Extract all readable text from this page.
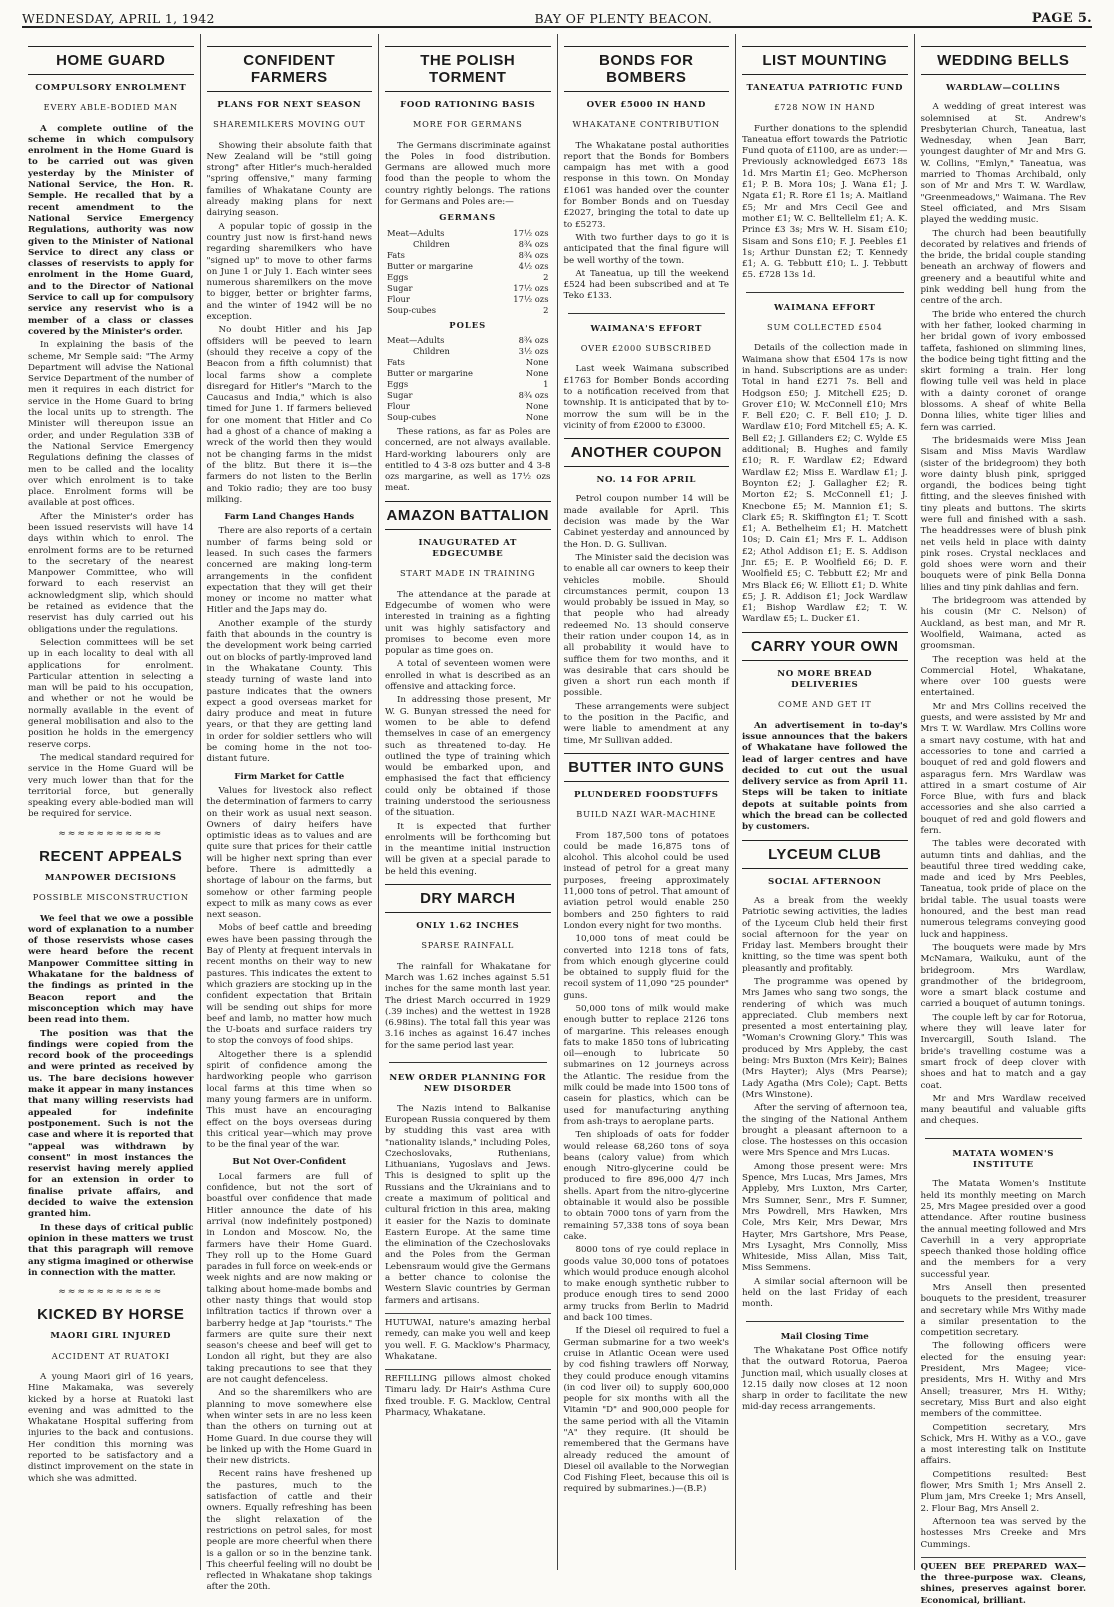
WEDNESDAY, APRIL 1, 1942	BAY OF PLENTY BEACON.	PAGE 5.
HOME GUARD
COMPULSORY ENROLMENT
EVERY ABLE-BODIED MAN

A complete outline of the scheme in which compulsory enrolment in the Home Guard is to be carried out was given yesterday by the Minister of National Service, the Hon. R. Semple. He recalled that by a recent amendment to the National Service Emergency Regulations, authority was now given to the Minister of National Service to direct any class or classes of reservists to apply for enrolment in the Home Guard, and to the Director of National Service to call up for compulsory service any reservist who is a member of a class or classes covered by the Minister's order.

In explaining the basis of the scheme, Mr Semple said: "The Army Department will advise the National Service Department of the number of men it requires in each district for service in the Home Guard to bring the local units up to strength. The Minister will thereupon issue an order, and under Regulation 33B of the National Service Emergency Regulations defining the classes of men to be called and the locality over which enrolment is to take place. Enrolment forms will be available at post offices.

After the Minister's order has been issued reservists will have 14 days within which to enrol. The enrolment forms are to be returned to the secretary of the nearest Manpower Committee, who will forward to each reservist an acknowledgment slip, which should be retained as evidence that the reservist has duly carried out his obligations under the regulations.

Selection committees will be set up in each locality to deal with all applications for enrolment. Particular attention in selecting a man will be paid to his occupation, and whether or not he would be normally available in the event of general mobilisation and also to the position he holds in the emergency reserve corps.

The medical standard required for service in the Home Guard will be very much lower than that for the territorial force, but generally speaking every able-bodied man will be required for service.

≈≈≈≈≈≈≈≈≈≈≈
RECENT APPEALS
MANPOWER DECISIONS
POSSIBLE MISCONSTRUCTION

We feel that we owe a possible word of explanation to a number of those reservists whose cases were heard before the recent Manpower Committee sitting in Whakatane for the baldness of the findings as printed in the Beacon report and the misconception which may have been read into them.

The position was that the findings were copied from the record book of the proceedings and were printed as received by us. The bare decisions however make it appear in many instances that many willing reservists had appealed for indefinite postponement. Such is not the case and where it is reported that "appeal was withdrawn by consent" in most instances the reservist having merely applied for an extension in order to finalise private affairs, and decided to waive the extension granted him.

In these days of critical public opinion in these matters we trust that this paragraph will remove any stigma imagined or otherwise in connection with the matter.

≈≈≈≈≈≈≈≈≈≈≈
KICKED BY HORSE
MAORI GIRL INJURED
ACCIDENT AT RUATOKI

A young Maori girl of 16 years, Hine Makamaka, was severely kicked by a horse at Ruatoki last evening and was admitted to the Whakatane Hospital suffering from injuries to the back and contusions. Her condition this morning was reported to be satisfactory and a distinct improvement on the state in which she was admitted.

CONFIDENT FARMERS
PLANS FOR NEXT SEASON
SHAREMILKERS MOVING OUT

Showing their absolute faith that New Zealand will be "still going strong" after Hitler's much-heralded "spring offensive," many farming families of Whakatane County are already making plans for next dairying season.

A popular topic of gossip in the country just now is first-hand news regarding sharemilkers who have "signed up" to move to other farms on June 1 or July 1. Each winter sees numerous sharemilkers on the move to bigger, better or brighter farms, and the winter of 1942 will be no exception.

No doubt Hitler and his Jap offsiders will be peeved to learn (should they receive a copy of the Beacon from a fifth columnist) that local farms show a complete disregard for Hitler's "March to the Caucasus and India," which is also timed for June 1. If farmers believed for one moment that Hitler and Co had a ghost of a chance of making a wreck of the world then they would not be changing farms in the midst of the blitz. But there it is—the farmers do not listen to the Berlin and Tokio radio; they are too busy milking.

Farm Land Changes Hands

There are also reports of a certain number of farms being sold or leased. In such cases the farmers concerned are making long-term arrangements in the confident expectation that they will get their money or income no matter what Hitler and the Japs may do.

Another example of the sturdy faith that abounds in the country is the development work being carried out on blocks of partly-improved land in the Whakatane County. This steady turning of waste land into pasture indicates that the owners expect a good overseas market for dairy produce and meat in future years, or that they are getting land in order for soldier settlers who will be coming home in the not too-distant future.

Firm Market for Cattle

Values for livestock also reflect the determination of farmers to carry on their work as usual next season. Owners of dairy heifers have optimistic ideas as to values and are quite sure that prices for their cattle will be higher next spring than ever before. There is admittedly a shortage of labour on the farms, but somehow or other farming people expect to milk as many cows as ever next season.

Mobs of beef cattle and breeding ewes have been passing through the Bay of Plenty at frequent intervals in recent months on their way to new pastures. This indicates the extent to which graziers are stocking up in the confident expectation that Britain will be sending out ships for more beef and lamb, no matter how much the U-boats and surface raiders try to stop the convoys of food ships.

Altogether there is a splendid spirit of confidence among the hardworking people who garrison local farms at this time when so many young farmers are in uniform. This must have an encouraging effect on the boys overseas during this critical year—which may prove to be the final year of the war.

But Not Over-Confident

Local farmers are full of confidence, but not the sort of boastful over confidence that made Hitler announce the date of his arrival (now indefinitely postponed) in London and Moscow. No, the farmers have their Home Guard. They roll up to the Home Guard parades in full force on week-ends or week nights and are now making or talking about home-made bombs and other nasty things that would stop infiltration tactics if thrown over a barberry hedge at Jap "tourists." The farmers are quite sure their next season's cheese and beef will get to London all right, but they are also taking precautions to see that they are not caught defenceless.

And so the sharemilkers who are planning to move somewhere else when winter sets in are no less keen than the others on turning out at Home Guard. In due course they will be linked up with the Home Guard in their new districts.

Recent rains have freshened up the pastures, much to the satisfaction of cattle and their owners. Equally refreshing has been the slight relaxation of the restrictions on petrol sales, for most people are more cheerful when there is a gallon or so in the benzine tank. This cheerful feeling will no doubt be reflected in Whakatane shop takings after the 20th.

THE POLISH TORMENT
FOOD RATIONING BASIS
MORE FOR GERMANS

The Germans discriminate against the Poles in food distribution. Germans are allowed much more food than the people to whom the country rightly belongs. The rations for Germans and Poles are:—

GERMANS
Meat—Adults	17½ ozs
Children	8¾ ozs
Fats	8¾ ozs
Butter or margarine	4½ ozs
Eggs	2
Sugar	17½ ozs
Flour	17½ ozs
Soup-cubes	2
POLES
Meat—Adults	8¾ ozs
Children	3½ ozs
Fats	None
Butter or margarine	None
Eggs	1
Sugar	8¾ ozs
Flour	None
Soup-cubes	None

These rations, as far as Poles are concerned, are not always available. Hard-working labourers only are entitled to 4 3-8 ozs butter and 4 3-8 ozs margarine, as well as 17½ ozs meat.

AMAZON BATTALION
INAUGURATED AT EDGECUMBE
START MADE IN TRAINING

The attendance at the parade at Edgecumbe of women who were interested in training as a fighting unit was highly satisfactory and promises to become even more popular as time goes on.

A total of seventeen women were enrolled in what is described as an offensive and attacking force.

In addressing those present, Mr W. G. Bunyan stressed the need for women to be able to defend themselves in case of an emergency such as threatened to-day. He outlined the type of training which would be embarked upon, and emphasised the fact that efficiency could only be obtained if those training understood the seriousness of the situation.

It is expected that further enrolments will be forthcoming but in the meantime initial instruction will be given at a special parade to be held this evening.

DRY MARCH
ONLY 1.62 INCHES
SPARSE RAINFALL

The rainfall for Whakatane for March was 1.62 inches against 5.51 inches for the same month last year. The driest March occurred in 1929 (.39 inches) and the wettest in 1928 (6.98ins). The total fall this year was 3.16 inches as against 16.47 inches for the same period last year.

NEW ORDER PLANNING FOR NEW DISORDER

The Nazis intend to Balkanise European Russia conquered by them by studding this vast area with "nationality islands," including Poles, Czechoslovaks, Ruthenians, Lithuanians, Yugoslavs and Jews. This is designed to split up the Russians and the Ukrainians and to create a maximum of political and cultural friction in this area, making it easier for the Nazis to dominate Eastern Europe. At the same time the elimination of the Czechoslovaks and the Poles from the German Lebensraum would give the Germans a better chance to colonise the Western Slavic countries by German farmers and artisans.

HUTUWAI, nature's amazing herbal remedy, can make you well and keep you well. F. G. Macklow's Pharmacy, Whakatane.

REFILLING pillows almost choked Timaru lady. Dr Hair's Asthma Cure fixed trouble. F. G. Macklow, Central Pharmacy, Whakatane.

BONDS FOR BOMBERS
OVER £5000 IN HAND
WHAKATANE CONTRIBUTION

The Whakatane postal authorities report that the Bonds for Bombers campaign has met with a good response in this town. On Monday £1061 was handed over the counter for Bomber Bonds and on Tuesday £2027, bringing the total to date up to £5273.

With two further days to go it is anticipated that the final figure will be well worthy of the town.

At Taneatua, up till the weekend £524 had been subscribed and at Te Teko £133.

WAIMANA'S EFFORT
OVER £2000 SUBSCRIBED

Last week Waimana subscribed £1763 for Bomber Bonds according to a notification received from that township. It is anticipated that by to-morrow the sum will be in the vicinity of from £2000 to £3000.

ANOTHER COUPON
NO. 14 FOR APRIL

Petrol coupon number 14 will be made available for April. This decision was made by the War Cabinet yesterday and announced by the Hon. D. G. Sullivan.

The Minister said the decision was to enable all car owners to keep their vehicles mobile. Should circumstances permit, coupon 13 would probably be issued in May, so that people who had already redeemed No. 13 should conserve their ration under coupon 14, as in all probability it would have to suffice them for two months, and it was desirable that cars should be given a short run each month if possible.

These arrangements were subject to the position in the Pacific, and were liable to amendment at any time, Mr Sullivan added.

BUTTER INTO GUNS
PLUNDERED FOODSTUFFS
BUILD NAZI WAR-MACHINE

From 187,500 tons of potatoes could be made 16,875 tons of alcohol. This alcohol could be used instead of petrol for a great many purposes, freeing approximately 11,000 tons of petrol. That amount of aviation petrol would enable 250 bombers and 250 fighters to raid London every night for two months.

10,000 tons of meat could be converted into 1218 tons of fats, from which enough glycerine could be obtained to supply fluid for the recoil system of 11,090 "25 pounder" guns.

50,000 tons of milk would make enough butter to replace 2126 tons of margarine. This releases enough fats to make 1850 tons of lubricating oil—enough to lubricate 50 submarines on 12 journeys across the Atlantic. The residue from the milk could be made into 1500 tons of casein for plastics, which can be used for manufacturing anything from ash-trays to aeroplane parts.

Ten shiploads of oats for fodder would release 68,260 tons of soya beans (calory value) from which enough Nitro-glycerine could be produced to fire 896,000 4/7 inch shells. Apart from the nitro-glycerine obtainable it would also be possible to obtain 7000 tons of yarn from the remaining 57,338 tons of soya bean cake.

8000 tons of rye could replace in goods value 30,000 tons of potatoes which would produce enough alcohol to make enough synthetic rubber to produce enough tires to send 2000 army trucks from Berlin to Madrid and back 100 times.

If the Diesel oil required to fuel a German submarine for a two week's cruise in Atlantic Ocean were used by cod fishing trawlers off Norway, they could produce enough vitamins (in cod liver oil) to supply 600,000 people for six months with all the Vitamin "D" and 900,000 people for the same period with all the Vitamin "A" they require. (It should be remembered that the Germans have already reduced the amount of Diesel oil available to the Norwegian Cod Fishing Fleet, because this oil is required by submarines.)—(B.P.)

LIST MOUNTING
TANEATUA PATRIOTIC FUND
£728 NOW IN HAND

Further donations to the splendid Taneatua effort towards the Patriotic Fund quota of £1100, are as under:—Previously acknowledged £673 18s 1d. Mrs Martin £1; Geo. McPherson £1; P. B. Mora 10s; J. Wana £1; J. Ngata £1; R. Rore £1 1s; A. Maitland £5; Mr and Mrs Cecil Gee and mother £1; W. C. Belltellelm £1; A. K. Prince £3 3s; Mrs W. H. Sisam £10; Sisam and Sons £10; F. J. Peebles £1 1s; Arthur Dunstan £2; T. Kennedy £1; A. G. Tebbutt £10; L. J. Tebbutt £5. £728 13s 1d.

WAIMANA EFFORT
SUM COLLECTED £504

Details of the collection made in Waimana show that £504 17s is now in hand. Subscriptions are as under: Total in hand £271 7s. Bell and Hodgson £50; J. Mitchell £25; D. Grover £10; W. McConnell £10; Mrs F. Bell £20; C. F. Bell £10; J. D. Wardlaw £10; Ford Mitchell £5; A. K. Bell £2; J. Gillanders £2; C. Wylde £5 additional; B. Hughes and family £10; R. F. Wardlaw £2; Edward Wardlaw £2; Miss E. Wardlaw £1; J. Boynton £2; J. Gallagher £2; R. Morton £2; S. McConnell £1; J. Knecbone £5; M. Mannion £1; S. Clark £5; R. Skiffington £1; T. Scott £1; A. Bethelheim £1; H. Matchett 10s; D. Cain £1; Mrs F. L. Addison £2; Athol Addison £1; E. S. Addison Jnr. £5; E. P. Woolfield £6; D. F. Woolfield £5; C. Tebbutt £2; Mr and Mrs Black £6; W. Elliott £1; D. White £5; J. R. Addison £1; Jock Wardlaw £1; Bishop Wardlaw £2; T. W. Wardlaw £5; L. Ducker £1.

CARRY YOUR OWN
NO MORE BREAD DELIVERIES
COME AND GET IT

An advertisement in to-day's issue announces that the bakers of Whakatane have followed the lead of larger centres and have decided to cut out the usual delivery service as from April 11. Steps will be taken to initiate depots at suitable points from which the bread can be collected by customers.

LYCEUM CLUB
SOCIAL AFTERNOON

As a break from the weekly Patriotic sewing activities, the ladies of the Lyceum Club held their first social afternoon for the year on Friday last. Members brought their knitting, so the time was spent both pleasantly and profitably.

The programme was opened by Mrs James who sang two songs, the rendering of which was much appreciated. Club members next presented a most entertaining play, "Woman's Crowning Glory." This was produced by Mrs Appleby, the cast being: Mrs Buxton (Mrs Keir); Baines (Mrs Hayter); Alys (Mrs Pearse); Lady Agatha (Mrs Cole); Capt. Betts (Mrs Winstone).

After the serving of afternoon tea, the singing of the National Anthem brought a pleasant afternoon to a close. The hostesses on this occasion were Mrs Spence and Mrs Lucas.

Among those present were: Mrs Spence, Mrs Lucas, Mrs James, Mrs Appleby, Mrs Luxton, Mrs Carter, Mrs Sumner, Senr., Mrs F. Sumner, Mrs Powdrell, Mrs Hawken, Mrs Cole, Mrs Keir, Mrs Dewar, Mrs Hayter, Mrs Gartshore, Mrs Pease, Mrs Lysaght, Mrs Connolly, Miss Whiteside, Miss Allan, Miss Tait, Miss Semmens.

A similar social afternoon will be held on the last Friday of each month.

Mail Closing Time

The Whakatane Post Office notify that the outward Rotorua, Paeroa Junction mail, which usually closes at 12.15 daily now closes at 12 noon sharp in order to facilitate the new mid-day recess arrangements.

WEDDING BELLS
WARDLAW—COLLINS

A wedding of great interest was solemnised at St. Andrew's Presbyterian Church, Taneatua, last Wednesday, when Jean Barr, youngest daughter of Mr and Mrs G. W. Collins, "Emlyn," Taneatua, was married to Thomas Archibald, only son of Mr and Mrs T. W. Wardlaw, "Greenmeadows," Waimana. The Rev Steel officiated, and Mrs Sisam played the wedding music.

The church had been beautifully decorated by relatives and friends of the bride, the bridal couple standing beneath an archway of flowers and greenery and a beautiful white and pink wedding bell hung from the centre of the arch.

The bride who entered the church with her father, looked charming in her bridal gown of ivory embossed taffeta, fashioned on slimming lines, the bodice being tight fitting and the skirt forming a train. Her long flowing tulle veil was held in place with a dainty coronet of orange blossoms. A sheaf of white Bella Donna lilies, white tiger lilies and fern was carried.

The bridesmaids were Miss Jean Sisam and Miss Mavis Wardlaw (sister of the bridegroom) they both wore dainty blush pink, sprigged organdi, the bodices being tight fitting, and the sleeves finished with tiny pleats and buttons. The skirts were full and finished with a sash. The headdresses were of blush pink net veils held in place with dainty pink roses. Crystal necklaces and gold shoes were worn and their bouquets were of pink Bella Donna lilies and tiny pink dahlias and fern.

The bridegroom was attended by his cousin (Mr C. Nelson) of Auckland, as best man, and Mr R. Woolfield, Waimana, acted as groomsman.

The reception was held at the Commercial Hotel, Whakatane, where over 100 guests were entertained.

Mr and Mrs Collins received the guests, and were assisted by Mr and Mrs T. W. Wardlaw. Mrs Collins wore a smart navy costume, with hat and accessories to tone and carried a bouquet of red and gold flowers and asparagus fern. Mrs Wardlaw was attired in a smart costume of Air Force Blue, with furs and black accessories and she also carried a bouquet of red and gold flowers and fern.

The tables were decorated with autumn tints and dahlias, and the beautiful three tired wedding cake, made and iced by Mrs Peebles, Taneatua, took pride of place on the bridal table. The usual toasts were honoured, and the best man read numerous telegrams conveying good luck and happiness.

The bouquets were made by Mrs McNamara, Waikuku, aunt of the bridegroom. Mrs Wardlaw, grandmother of the bridegroom, wore a smart black costume and carried a bouquet of autumn tonings.

The couple left by car for Rotorua, where they will leave later for Invercargill, South Island. The bride's travelling costume was a smart frock of deep clover with shoes and hat to match and a gay coat.

Mr and Mrs Wardlaw received many beautiful and valuable gifts and cheques.

MATATA WOMEN'S INSTITUTE

The Matata Women's Institute held its monthly meeting on March 25, Mrs Magee presided over a good attendance. After routine business the annual meeting followed and Mrs Caverhill in a very appropriate speech thanked those holding office and the members for a very successful year.

Mrs Ansell then presented bouquets to the president, treasurer and secretary while Mrs Withy made a similar presentation to the competition secretary.

The following officers were elected for the ensuing year: President, Mrs Magee; vice-presidents, Mrs H. Withy and Mrs Ansell; treasurer, Mrs H. Withy; secretary, Miss Burt and also eight members of the committee.

Competition secretary, Mrs Schick, Mrs H. Withy as a V.O., gave a most interesting talk on Institute affairs.

Competitions resulted: Best flower, Mrs Smith 1; Mrs Ansell 2. Plum jam, Mrs Creeke 1; Mrs Ansell, 2. Flour Bag, Mrs Ansell 2.

Afternoon tea was served by the hostesses Mrs Creeke and Mrs Cummings.

QUEEN BEE PREPARED WAX—the three-purpose wax. Cleans, shines, preserves against borer. Economical, brilliant.
